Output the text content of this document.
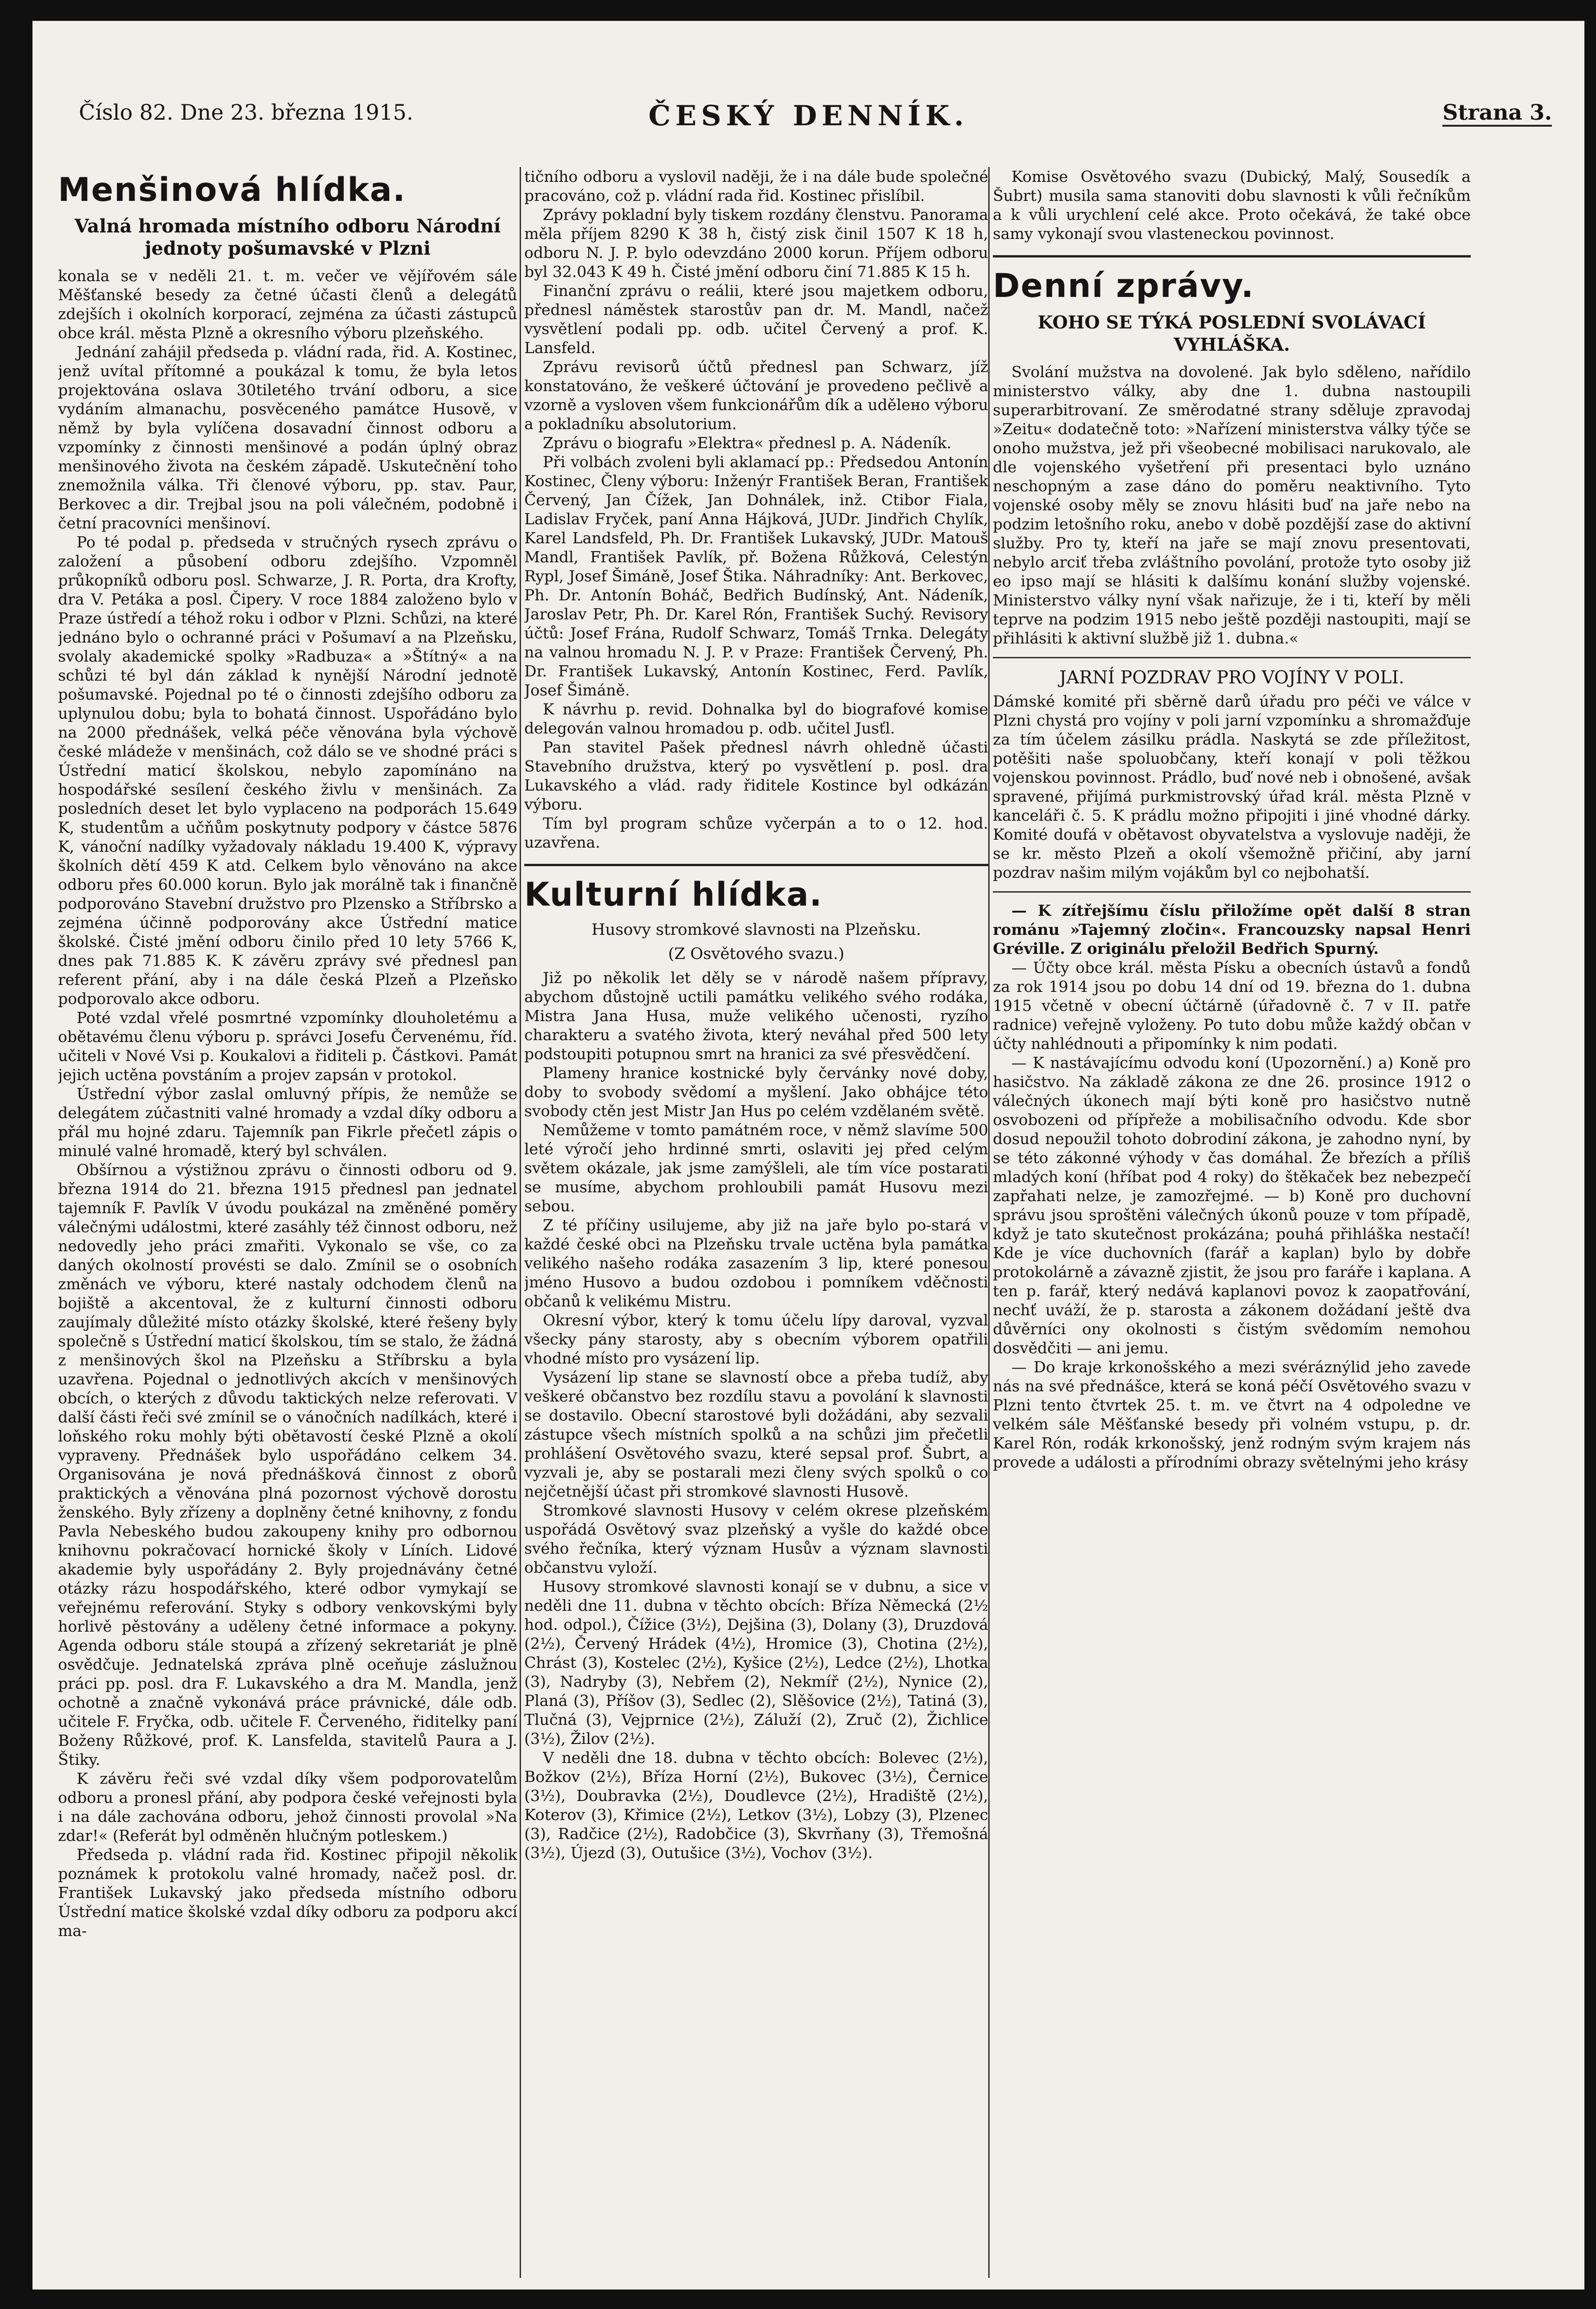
Číslo 82. Dne 23. března 1915.	ČESKÝ DENNÍK.	Strana 3.
Menšinová hlídka.
Valná hromada místního odboru Národní jednoty pošumavské v Plzni

konala se v neděli 21. t. m. večer ve vějířovém sále Měšťanské besedy za četné účasti členů a delegátů zdejších i okolních korporací, zejména za účasti zástupců obce král. města Plzně a okresního výboru plzeňského.

Jednání zahájil předseda p. vládní rada, řid. A. Kostinec, jenž uvítal přítomné a poukázal k tomu, že byla letos projektována oslava 30tiletého trvání odboru, a sice vydáním almanachu, posvěceného památce Husově, v němž by byla vylíčena dosavadní činnost odboru a vzpomínky z činnosti menšinové a podán úplný obraz menšinového života na českém západě. Uskutečnění toho znemožnila válka. Tři členové výboru, pp. stav. Paur, Berkovec a dir. Trejbal jsou na poli válečném, podobně i četní pracovníci menšinoví.

Po té podal p. předseda v stručných rysech zprávu o založení a působení odboru zdejšího. Vzpomněl průkopníků odboru posl. Schwarze, J. R. Porta, dra Krofty, dra V. Petáka a posl. Čipery. V roce 1884 založeno bylo v Praze ústředí a téhož roku i odbor v Plzni. Schůzi, na které jednáno bylo o ochranné práci v Pošumaví a na Plzeňsku, svolaly akademické spolky »Radbuza« a »Štítný« a na schůzi té byl dán základ k nynější Národní jednotě pošumavské. Pojednal po té o činnosti zdejšího odboru za uplynulou dobu; byla to bohatá činnost. Uspořádáno bylo na 2000 přednášek, velká péče věnována byla výchově české mládeže v menšinách, což dálo se ve shodné práci s Ústřední maticí školskou, nebylo zapomínáno na hospodářské sesílení českého živlu v menšinách. Za posledních deset let bylo vyplaceno na podporách 15.649 K, studentům a učňům poskytnuty podpory v částce 5876 K, vánoční nadílky vyžadovaly nákladu 19.400 K, výpravy školních dětí 459 K atd. Celkem bylo věnováno na akce odboru přes 60.000 korun. Bylo jak morálně tak i finančně podporováno Stavební družstvo pro Plzensko a Stříbrsko a zejména účinně podporovány akce Ústřední matice školské. Čisté jmění odboru činilo před 10 lety 5766 K, dnes pak 71.885 K. K závěru zprávy své přednesl pan referent přání, aby i na dále česká Plzeň a Plzeňsko podporovalo akce odboru.

Poté vzdal vřelé posmrtné vzpomínky dlouholetému a obětavému členu výboru p. správci Josefu Červenému, říd. učiteli v Nové Vsi p. Koukalovi a řiditeli p. Částkovi. Památ jejich uctěna povstáním a projev zapsán v protokol.

Ústřední výbor zaslal omluvný přípis, že nemůže se delegátem zúčastniti valné hromady a vzdal díky odboru a přál mu hojné zdaru. Tajemník pan Fikrle přečetl zápis o minulé valné hromadě, který byl schválen.

Obšírnou a výstižnou zprávu o činnosti odboru od 9. března 1914 do 21. března 1915 přednesl pan jednatel tajemník F. Pavlík V úvodu poukázal na změněné poměry válečnými událostmi, které zasáhly též činnost odboru, než nedovedly jeho práci zmařiti. Vykonalo se vše, co za daných okolností provésti se dalo. Zmínil se o osobních změnách ve výboru, které nastaly odchodem členů na bojiště a akcentoval, že z kulturní činnosti odboru zaujímaly důležité místo otázky školské, které řešeny byly společně s Ústřední maticí školskou, tím se stalo, že žádná z menšinových škol na Plzeňsku a Stříbrsku a byla uzavřena. Pojednal o jednotlivých akcích v menšinových obcích, o kterých z důvodu taktických nelze referovati. V další části řeči své zmínil se o vánočních nadílkách, které i loňského roku mohly býti obětavostí české Plzně a okolí vypraveny. Přednášek bylo uspořádáno celkem 34. Organisována je nová přednášková činnost z oborů praktických a věnována plná pozornost výchově dorostu ženského. Byly zřízeny a doplněny četné knihovny, z fondu Pavla Nebeského budou zakoupeny knihy pro odbornou knihovnu pokračovací hornické školy v Líních. Lidové akademie byly uspořádány 2. Byly projednávány četné otázky rázu hospodářského, které odbor vymykají se veřejnému referování. Styky s odbory venkovskými byly horlivě pěstovány a uděleny četné informace a pokyny. Agenda odboru stále stoupá a zřízený sekretariát je plně osvědčuje. Jednatelská zpráva plně oceňuje záslužnou práci pp. posl. dra F. Lukavského a dra M. Mandla, jenž ochotně a značně vykonává práce právnické, dále odb. učitele F. Fryčka, odb. učitele F. Červeného, řiditelky paní Boženy Růžkové, prof. K. Lansfelda, stavitelů Paura a J. Štiky.

K závěru řeči své vzdal díky všem podporovatelům odboru a pronesl přání, aby podpora české veřejnosti byla i na dále zachována odboru, jehož činnosti provolal »Na zdar!« (Referát byl odměněn hlučným potleskem.)

Předseda p. vládní rada řid. Kostinec připojil několik poznámek k protokolu valné hromady, načež posl. dr. František Lukavský jako předseda místního odboru Ústřední matice školské vzdal díky odboru za podporu akcí ma-

tičního odboru a vyslovil naději, že i na dále bude společné pracováno, což p. vládní rada řid. Kostinec přislíbil.

Zprávy pokladní byly tiskem rozdány členstvu. Panorama měla příjem 8290 K 38 h, čistý zisk činil 1507 K 18 h, odboru N. J. P. bylo odevzdáno 2000 korun. Příjem odboru byl 32.043 K 49 h. Čisté jmění odboru činí 71.885 K 15 h.

Finanční zprávu o reálii, které jsou majetkem odboru, přednesl náměstek starostův pan dr. M. Mandl, načež vysvětlení podali pp. odb. učitel Červený a prof. K. Lansfeld.

Zprávu revisorů účtů přednesl pan Schwarz, jíž konstatováno, že veškeré účtování je provedeno pečlivě a vzorně a vysloven všem funkcionářům dík a udělено výboru a pokladníku absolutorium.

Zprávu o biografu »Elektra« přednesl p. A. Nádeník.

Při volbách zvoleni byli aklamací pp.: Předsedou Antonín Kostinec, Členy výboru: Inženýr František Beran, František Červený, Jan Čížek, Jan Dohnálek, inž. Ctibor Fiala, Ladislav Fryček, paní Anna Hájková, JUDr. Jindřich Chylík, Karel Landsfeld, Ph. Dr. František Lukavský, JUDr. Matouš Mandl, František Pavlík, př. Božena Růžková, Celestýn Rypl, Josef Šimáně, Josef Štika. Náhradníky: Ant. Berkovec, Ph. Dr. Antonín Boháč, Bedřich Budínský, Ant. Nádeník, Jaroslav Petr, Ph. Dr. Karel Rón, František Suchý. Revisory účtů: Josef Frána, Rudolf Schwarz, Tomáš Trnka. Delegáty na valnou hromadu N. J. P. v Praze: František Červený, Ph. Dr. František Lukavský, Antonín Kostinec, Ferd. Pavlík, Josef Šimáně.

K návrhu p. revid. Dohnalka byl do biografové komise delegován valnou hromadou p. odb. učitel Jusťl.

Pan stavitel Pašek přednesl návrh ohledně účasti Stavebního družstva, který po vysvětlení p. posl. dra Lukavského a vlád. rady řiditele Kostince byl odkázán výboru.

Tím byl program schůze vyčerpán a to o 12. hod. uzavřena.

Kulturní hlídka.
Husovy stromkové slavnosti na Plzeňsku.
(Z Osvětového svazu.)

Již po několik let děly se v národě našem přípravy, abychom důstojně uctili památku velikého svého rodáka, Mistra Jana Husa, muže velikého učenosti, ryzího charakteru a svatého života, který neváhal před 500 lety podstoupiti potupnou smrt na hranici za své přesvědčení.

Plameny hranice kostnické byly červánky nové doby, doby to svobody svědomí a myšlení. Jako obhájce této svobody ctěn jest Mistr Jan Hus po celém vzdělaném světě.

Nemůžeme v tomto památném roce, v němž slavíme 500 leté výročí jeho hrdinné smrti, oslaviti jej před celým světem okázale, jak jsme zamýšleli, ale tím více postarati se musíme, abychom prohloubili památ Husovu mezi sebou.

Z té příčiny usilujeme, aby již na jaře bylo po-stará v každé české obci na Plzeňsku trvale uctěna byla památka velikého našeho rodáka zasazením 3 lip, které ponesou jméno Husovo a budou ozdobou i pomníkem vděčnosti občanů k velikému Mistru.

Okresní výbor, který k tomu účelu lípy daroval, vyzval všecky pány starosty, aby s obecním výborem opatřili vhodné místo pro vysázení lip.

Vysázení lip stane se slavností obce a přeba tudíž, aby veškeré občanstvo bez rozdílu stavu a povolání k slavnosti se dostavilo. Obecní starostové byli dožádáni, aby sezvali zástupce všech místních spolků a na schůzi jim přečetli prohlášení Osvětového svazu, které sepsal prof. Šubrt, a vyzvali je, aby se postarali mezi členy svých spolků o co nejčetnější účast při stromkové slavnosti Husově.

Stromkové slavnosti Husovy v celém okrese plzeňském uspořádá Osvětový svaz plzeňský a vyšle do každé obce svého řečníka, který význam Husův a význam slavnosti občanstvu vyloží.

Husovy stromkové slavnosti konají se v dubnu, a sice v neděli dne 11. dubna v těchto obcích: Bříza Německá (2½ hod. odpol.), Čížice (3½), Dejšina (3), Dolany (3), Druzdová (2½), Červený Hrádek (4½), Hromice (3), Chotina (2½), Chrást (3), Kostelec (2½), Kyšice (2½), Ledce (2½), Lhotka (3), Nadryby (3), Nebřem (2), Nekmíř (2½), Nynice (2), Planá (3), Příšov (3), Sedlec (2), Slěšovice (2½), Tatiná (3), Tlučná (3), Vejprnice (2½), Záluží (2), Zruč (2), Žichlice (3½), Žilov (2½).

V neděli dne 18. dubna v těchto obcích: Bolevec (2½), Božkov (2½), Bříza Horní (2½), Bukovec (3½), Černice (3½), Doubravka (2½), Doudlevce (2½), Hradiště (2½), Koterov (3), Křimice (2½), Letkov (3½), Lobzy (3), Plzenec (3), Radčice (2½), Radobčice (3), Skvrňany (3), Třemošná (3½), Újezd (3), Outušice (3½), Vochov (3½).

Komise Osvětového svazu (Dubický, Malý, Sousedík a Šubrt) musila sama stanoviti dobu slavnosti k vůli řečníkům a k vůli urychlení celé akce. Proto očekává, že také obce samy vykonají svou vlastenеckou povinnost.

Denní zprávy.
KOHO SE TÝKÁ POSLEDNÍ SVOLÁVACÍ VYHLÁŠKA.

Svolání mužstva na dovolené. Jak bylo sděleno, nařídilo ministerstvo války, aby dne 1. dubna nastoupili superarbitrovaní. Ze směrodatné strany sděluje zpravodaj »Zeitu« dodatečně toto: »Nařízení ministerstva války týče se onoho mužstva, jež při všeobecné mobilisaci narukovalo, ale dle vojenského vyšetření při presentaci bylo uznáno neschopným a zase dáno do poměru neaktivního. Tyto vojenské osoby měly se znovu hlásiti buď na jaře nebo na podzim letošního roku, anebo v době pozdější zase do aktivní služby. Pro ty, kteří na jaře se mají znovu presentovati, nebylo arciť třeba zvláštního povolání, protože tyto osoby již eo ipso mají se hlásiti k dalšímu konání služby vojenské. Ministerstvo války nyní však nařizuje, že i ti, kteří by měli teprve na podzim 1915 nebo ještě později nastoupiti, mají se přihlásiti k aktivní službě již 1. dubna.«

JARNÍ POZDRAV PRO VOJÍNY V POLI.

Dámské komité při sběrně darů úřadu pro péči ve válce v Plzni chystá pro vojíny v poli jarní vzpomínku a shromažďuje za tím účelem zásilku prádla. Naskytá se zde příležitost, potěšiti naše spoluobčany, kteří konají v poli těžkou vojenskou povinnost. Prádlo, buď nové neb i obnošené, avšak spravené, přijímá purkmistrovský úřad král. města Plzně v kanceláři č. 5. K prádlu možno připojiti i jiné vhodné dárky. Komité doufá v obětavost obyvatelstva a vyslovuje naději, že se kr. město Plzeň a okolí všemožně přičiní, aby jarní pozdrav našim milým vojákům byl co nejbohatší.

— K zítřejšímu číslu přiložíme opět další 8 stran románu »Tajemný zločin«. Francouzsky napsal Henri Gréville. Z originálu přeložil Bedřich Spurný.

— Účty obce král. města Písku a obecních ústavů a fondů za rok 1914 jsou po dobu 14 dní od 19. března do 1. dubna 1915 včetně v obecní účtárně (úřadovně č. 7 v II. patře radnice) veřejně vyloženy. Po tuto dobu může každý občan v účty nahlédnouti a připomínky k nim podati.

— K nastávajícímu odvodu koní (Upozornění.) a) Koně pro hasičstvo. Na základě zákona ze dne 26. prosince 1912 o válečných úkonech mají býti koně pro hasičstvo nutně osvobozeni od přípřeže a mobilisačního odvodu. Kde sbor dosud nepoužil tohoto dobrodiní zákona, je zahodno nyní, by se této zákonné výhody v čas domáhal. Že březích a příliš mladých koní (hříbat pod 4 roky) do štěkaček bez nebezpečí zapřahati nelze, je zamozřejmé. — b) Koně pro duchovní správu jsou sproštěni válečných úkonů pouze v tom případě, když je tato skutečnost prokázána; pouhá přihláška nestačí! Kde je více duchovních (farář a kaplan) bylo by dobře protokolárně a závazně zjistit, že jsou pro faráře i kaplana. A ten p. farář, který nedává kaplanovi povoz k zaopatřování, nechť uváží, že p. starosta a zákonem dožádaní ještě dva důvěrníci ony okolnosti s čistým svědomím nemohou dosvědčiti — ani jemu.

— Do kraje krkonošského a mezi svéráznýlid jeho zavede nás na své přednášce, která se koná péčí Osvětového svazu v Plzni tento čtvrtek 25. t. m. ve čtvrt na 4 odpoledne ve velkém sále Měšťanské besedy při volném vstupu, p. dr. Karel Rón, rodák krkonošský, jenž rodným svým krajem nás provede a události a přírodními obrazy světelnými jeho krásy
